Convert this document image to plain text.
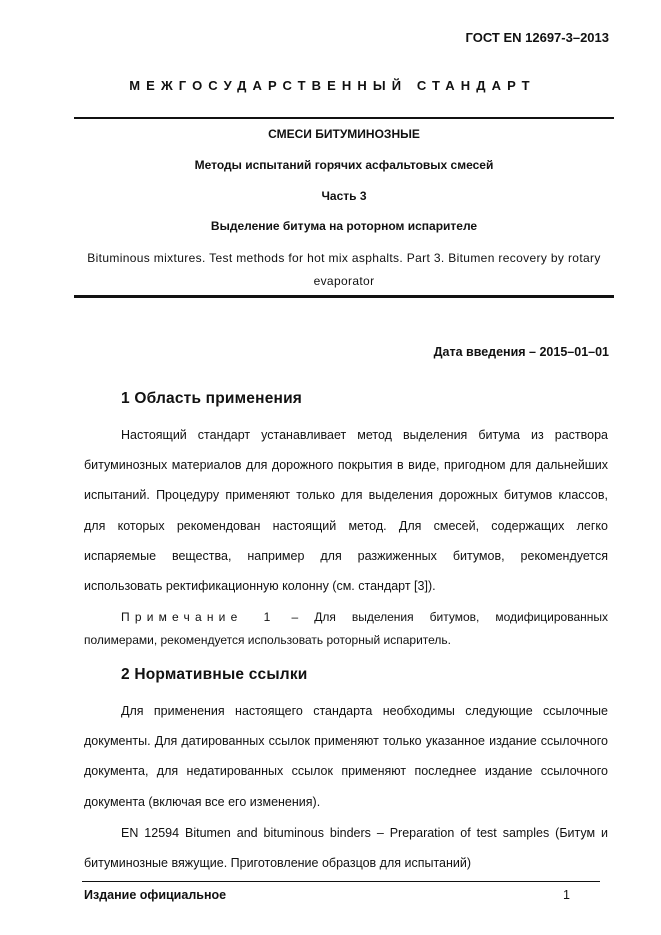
ГОСТ EN 12697-3–2013
МЕЖГОСУДАРСТВЕННЫЙ СТАНДАРТ
СМЕСИ БИТУМИНОЗНЫЕ
Методы испытаний горячих асфальтовых смесей
Часть 3
Выделение битума на роторном испарителе
Bituminous mixtures. Test methods for hot mix asphalts. Part 3. Bitumen recovery by rotary evaporator
Дата введения – 2015–01–01
1 Область применения

Настоящий стандарт устанавливает метод выделения битума из раствора битуминозных материалов для дорожного покрытия в виде, пригодном для дальнейших испытаний. Процедуру применяют только для выделения дорожных битумов классов, для которых рекомендован настоящий метод. Для смесей, содержащих легко испаряемые вещества, например для разжиженных битумов, рекомендуется использовать ректификационную колонну (см. стандарт [3]).

Примечание 1 – Для выделения битумов, модифицированных полимерами, рекомендуется использовать роторный испаритель.
2 Нормативные ссылки

Для применения настоящего стандарта необходимы следующие ссылочные документы. Для датированных ссылок применяют только указанное издание ссылочного документа, для недатированных ссылок применяют последнее издание ссылочного документа (включая все его изменения).

EN 12594 Bitumen and bituminous binders – Preparation of test samples (Битум и битуминозные вяжущие. Приготовление образцов для испытаний)

Издание официальное	1
